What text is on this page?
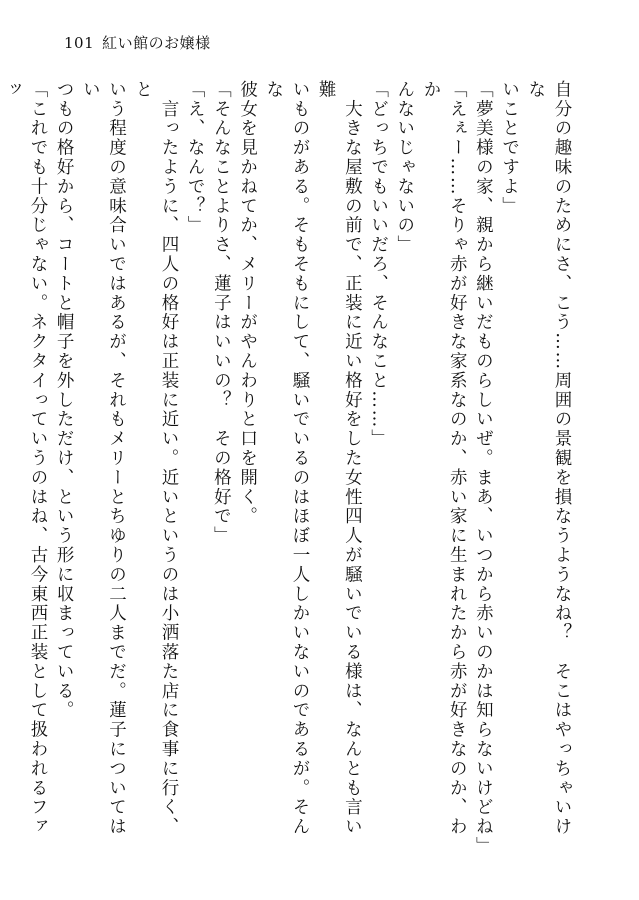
101 紅い館のお嬢様

自分の趣味のためにさ、こう……周囲の景観を損なうようなね？　そこはやっちゃいけな

いことですよ」

「夢美様の家、親から継いだものらしいぜ。まあ、いつから赤いのかは知らないけどね」

「えぇー……そりゃ赤が好きな家系なのか、赤い家に生まれたから赤が好きなのか、わか

んないじゃないの」

「どっちでもいいだろ、そんなこと……」

　大きな屋敷の前で、正装に近い格好をした女性四人が騒いでいる様は、なんとも言い難

いものがある。そもそもにして、騒いでいるのはほぼ一人しかいないのであるが。そんな

彼女を見かねてか、メリーがやんわりと口を開く。

「そんなことよりさ、蓮子はいいの？　その格好で」

「え、なんで？」

　言ったように、四人の格好は正装に近い。近いというのは小洒落た店に食事に行く、と

いう程度の意味合いではあるが、それもメリーとちゆりの二人までだ。蓮子についてはい

つもの格好から、コートと帽子を外しただけ、という形に収まっている。

「これでも十分じゃない。ネクタイっていうのはね、古今東西正装として扱われるファッ
